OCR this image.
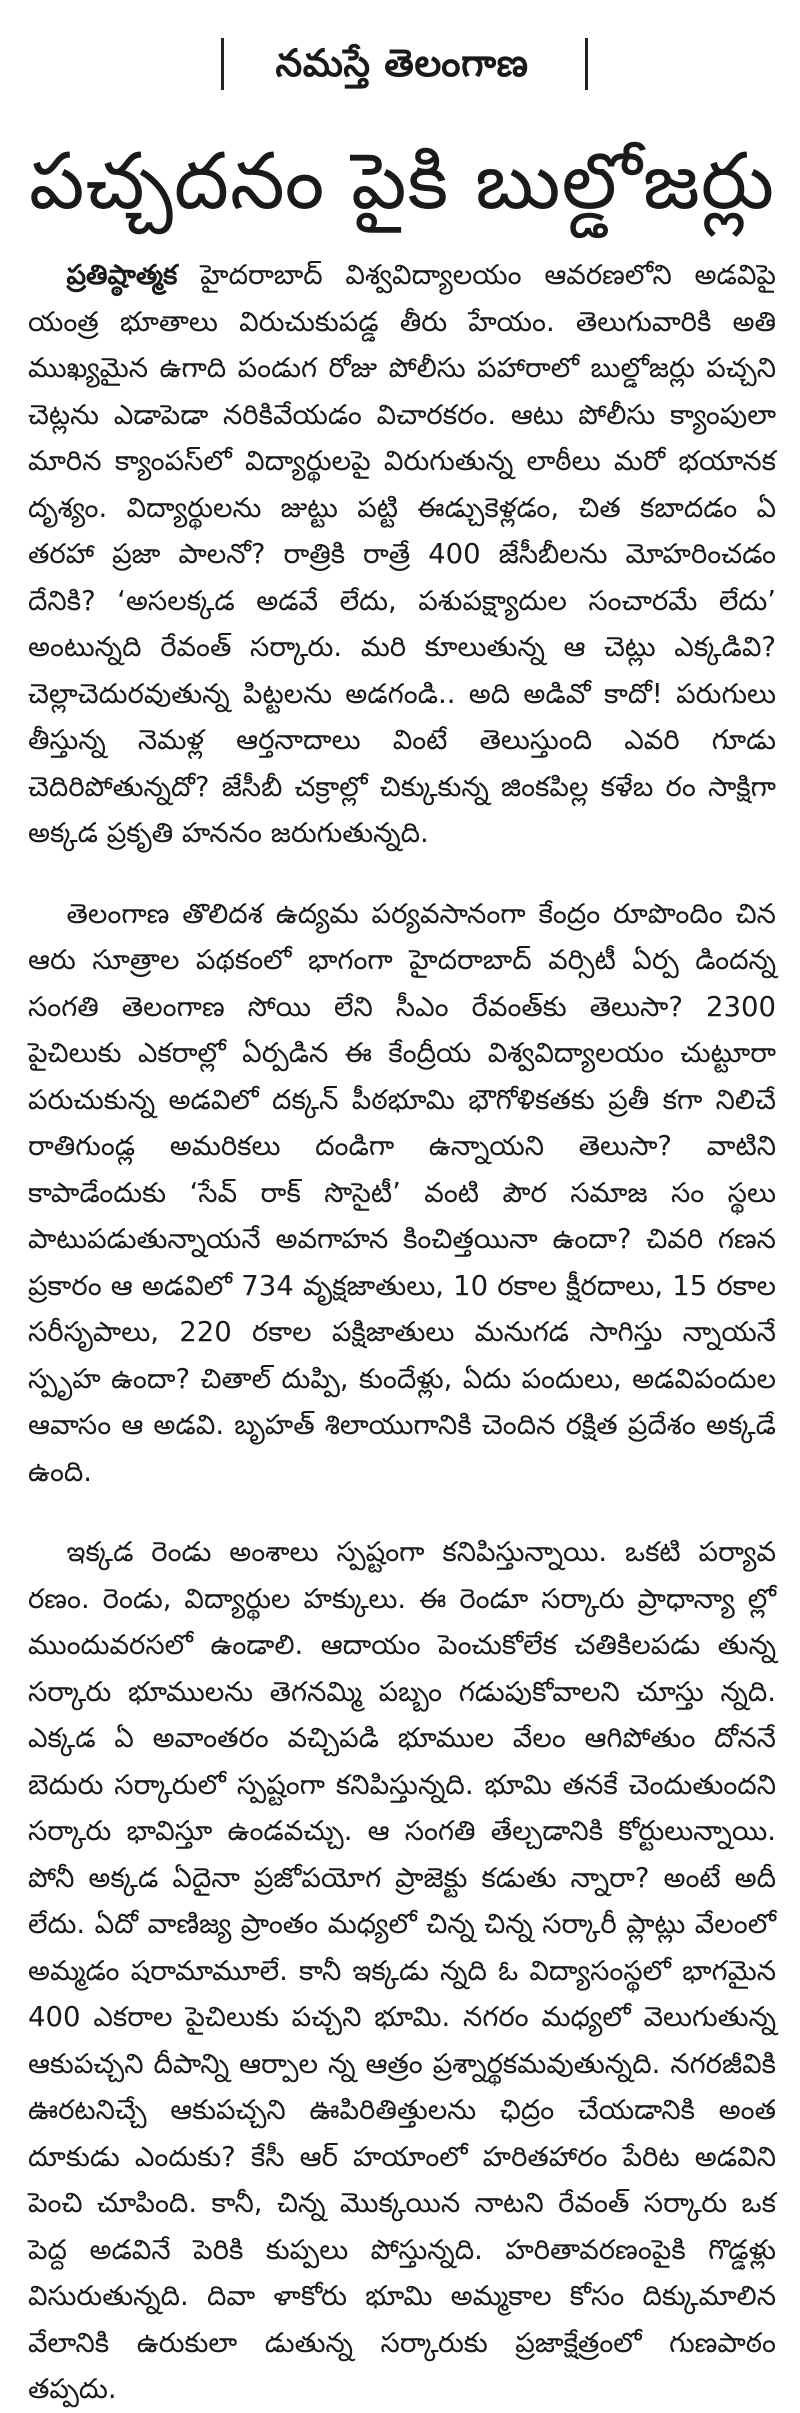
నమస్తే తెలంగాణ
పచ్చదనం పైకి బుల్డోజర్లు

ప్రతిష్ఠాత్మక హైదరాబాద్ విశ్వవిద్యాలయం ఆవరణలోని అడవిపై యంత్ర భూతాలు విరుచుకుపడ్డ తీరు హేయం. తెలుగువారికి అతి ముఖ్యమైన ఉగాది పండుగ రోజు పోలీసు పహారాలో బుల్డోజర్లు పచ్చని చెట్లను ఎడాపెడా నరికివేయడం విచారకరం. ఆటు పోలీసు క్యాంపులా మారిన క్యాంపస్‌లో విద్యార్థులపై విరుగుతున్న లాఠీలు మరో భయానక దృశ్యం. విద్యార్థులను జుట్టు పట్టి ఈడ్చుకెళ్లడం, చిత కబాదడం ఏ తరహా ప్రజా పాలనో? రాత్రికి రాత్రే 400 జేసీబీలను మోహరించడం దేనికి? ‘అసలక్కడ అడవే లేదు, పశుపక్ష్యాదుల సంచారమే లేదు’ అంటున్నది రేవంత్ సర్కారు. మరి కూలుతున్న ఆ చెట్లు ఎక్కడివి? చెల్లాచెదురవుతున్న పిట్టలను అడగండి.. అది అడివో కాదో! పరుగులు తీస్తున్న నెమళ్ల ఆర్తనాదాలు వింటే తెలుస్తుంది ఎవరి గూడు చెదిరిపోతున్నదో? జేసీబీ చక్రాల్లో చిక్కుకున్న జింకపిల్ల కళేబ రం సాక్షిగా అక్కడ ప్రకృతి హననం జరుగుతున్నది.

తెలంగాణ తొలిదశ ఉద్యమ పర్యవసానంగా కేంద్రం రూపొందిం చిన ఆరు సూత్రాల పథకంలో భాగంగా హైదరాబాద్ వర్సిటీ ఏర్ప డిందన్న సంగతి తెలంగాణ సోయి లేని సీఎం రేవంత్‌కు తెలుసా? 2300 పైచిలుకు ఎకరాల్లో ఏర్పడిన ఈ కేంద్రీయ విశ్వవిద్యాలయం చుట్టూరా పరుచుకున్న అడవిలో దక్కన్ పీఠభూమి భౌగోళికతకు ప్రతీ కగా నిలిచే రాతిగుండ్ల అమరికలు దండిగా ఉన్నాయని తెలుసా? వాటిని కాపాడేందుకు ‘సేవ్ రాక్ సొసైటీ’ వంటి పౌర సమాజ సం స్థలు పాటుపడుతున్నాయనే అవగాహన కించిత్తయినా ఉందా? చివరి గణన ప్రకారం ఆ అడవిలో 734 వృక్షజాతులు, 10 రకాల క్షీరదాలు, 15 రకాల సరీసృపాలు, 220 రకాల పక్షిజాతులు మనుగడ సాగిస్తు న్నాయనే స్పృహ ఉందా? చితాల్ దుప్పి, కుందేళ్లు, ఏదు పందులు, అడవిపందుల ఆవాసం ఆ అడవి. బృహత్ శిలాయుగానికి చెందిన రక్షిత ప్రదేశం అక్కడే ఉంది.

ఇక్కడ రెండు అంశాలు స్పష్టంగా కనిపిస్తున్నాయి. ఒకటి పర్యావ రణం. రెండు, విద్యార్థుల హక్కులు. ఈ రెండూ సర్కారు ప్రాధాన్యా ల్లో ముందువరసలో ఉండాలి. ఆదాయం పెంచుకోలేక చతికిలపడు తున్న సర్కారు భూములను తెగనమ్మి పబ్బం గడుపుకోవాలని చూస్తు న్నది. ఎక్కడ ఏ అవాంతరం వచ్చిపడి భూముల వేలం ఆగిపోతుం దోననే బెదురు సర్కారులో స్పష్టంగా కనిపిస్తున్నది. భూమి తనకే చెందుతుందని సర్కారు భావిస్తూ ఉండవచ్చు. ఆ సంగతి తేల్చడానికి కోర్టులున్నాయి. పోనీ అక్కడ ఏదైనా ప్రజోపయోగ ప్రాజెక్టు కడుతు న్నారా? అంటే అదీ లేదు. ఏదో వాణిజ్య ప్రాంతం మధ్యలో చిన్న చిన్న సర్కారీ ప్లాట్లు వేలంలో అమ్మడం షరామామూలే. కానీ ఇక్కడు న్నది ఓ విద్యాసంస్థలో భాగమైన 400 ఎకరాల పైచిలుకు పచ్చని భూమి. నగరం మధ్యలో వెలుగుతున్న ఆకుపచ్చని దీపాన్ని ఆర్పాల న్న ఆత్రం ప్రశ్నార్థకమవుతున్నది. నగరజీవికి ఊరటనిచ్చే ఆకుపచ్చని ఊపిరితిత్తులను ఛిద్రం చేయడానికి అంత దూకుడు ఎందుకు? కేసీ ఆర్ హయాంలో హరితహారం పేరిట అడవిని పెంచి చూపింది. కానీ, చిన్న మొక్కయిన నాటని రేవంత్ సర్కారు ఒక పెద్ద అడవినే పెరికి కుప్పలు పోస్తున్నది. హరితావరణంపైకి గొడ్డళ్లు విసురుతున్నది. దివా ళాకోరు భూమి అమ్మకాల కోసం దిక్కుమాలిన వేలానికి ఉరుకులా డుతున్న సర్కారుకు ప్రజాక్షేత్రంలో గుణపాఠం తప్పదు.
